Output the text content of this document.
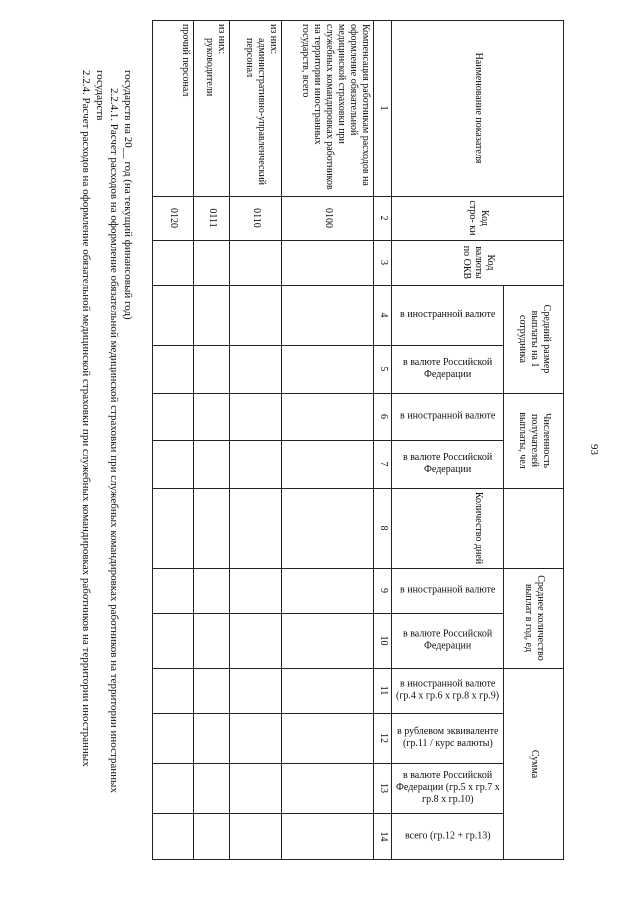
93
2.2.4. Расчет расходов на оформление обязательной медицинской страховки при служебных командировках работников на территории иностранных государств 2.2.4.1. Расчет расходов на оформление обязательной медицинской страховки при служебных командировках работников на территории иностранных государств на 20__ год (на текущий финансовый год)	Наименование показателя
Код стро- ки
Код валюты по ОКВ
Средний размер выплаты на 1 сотрудника
в иностранной валюте
в валюте Российской Федерации
Численность получателей выплаты, чел
в иностранной валюте
в валюте Российской Федерации
Количество дней
Среднее количество выплат в год, ед
в иностранной валюте
в валюте Российской Федерации
Сумма
в иностранной валюте (гр.4 х гр.6 х гр.8 х гр.9)
в рублевом эквиваленте (гр.11 / курс валюты)
в валюте Российской Федерации (гр.5 х гр.7 х гр.8 х гр.10)
всего (гр.12 + гр.13)
1
2
3
4
5
6
7
8
9
10
11
12
13
14
Компенсация работникам расходов на оформление обязательной медицинской страховки при служебных командировках работников на территории иностранных государств, всего
0100
из них:
административно-управленческий персонал
0110
из них:
руководители
0111
прочий персонал
0120
